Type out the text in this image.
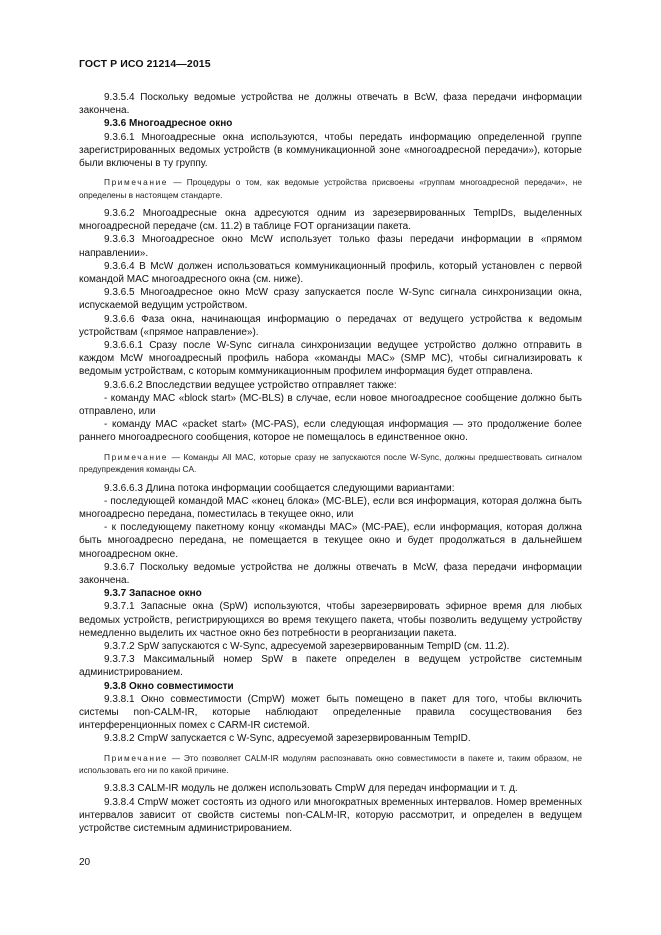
ГОСТ Р ИСО 21214—2015

9.3.5.4 Поскольку ведомые устройства не должны отвечать в BcW, фаза передачи информации закончена.

9.3.6 Многоадресное окно

9.3.6.1 Многоадресные окна используются, чтобы передать информацию определенной группе зарегистрированных ведомых устройств (в коммуникационной зоне «многоадресной передачи»), которые были включены в ту группу.

Примечание — Процедуры о том, как ведомые устройства присвоены «группам многоадресной передачи», не определены в настоящем стандарте.

9.3.6.2 Многоадресные окна адресуются одним из зарезервированных TempIDs, выделенных многоадресной передаче (см. 11.2) в таблице FOT организации пакета.

9.3.6.3 Многоадресное окно McW использует только фазы передачи информации в «прямом направлении».

9.3.6.4 В McW должен использоваться коммуникационный профиль, который установлен с первой командой MAC многоадресного окна (см. ниже).

9.3.6.5 Многоадресное окно McW сразу запускается после W-Sync сигнала синхронизации окна, испускаемой ведущим устройством.

9.3.6.6 Фаза окна, начинающая информацию о передачах от ведущего устройства к ведомым устройствам («прямое направление»).

9.3.6.6.1 Сразу после W-Sync сигнала синхронизации ведущее устройство должно отправить в каждом McW многоадресный профиль набора «команды MAC» (SMP MC), чтобы сигнализировать к ведомым устройствам, с которым коммуникационным профилем информация будет отправлена.

9.3.6.6.2 Впоследствии ведущее устройство отправляет также:

- команду MAC «block start» (MC-BLS) в случае, если новое многоадресное сообщение должно быть отправлено, или

- команду MAC «packet start» (MC-PAS), если следующая информация — это продолжение более раннего многоадресного сообщения, которое не помещалось в единственное окно.

Примечание — Команды All MAC, которые сразу не запускаются после W-Sync, должны предшествовать сигналом предупреждения команды CA.

9.3.6.6.3 Длина потока информации сообщается следующими вариантами:

- последующей командой MAC «конец блока» (MC-BLE), если вся информация, которая должна быть многоадресно передана, поместилась в текущее окно, или

- к последующему пакетному концу «команды MAC» (MC-PAE), если информация, которая должна быть многоадресно передана, не помещается в текущее окно и будет продолжаться в дальнейшем многоадресном окне.

9.3.6.7 Поскольку ведомые устройства не должны отвечать в McW, фаза передачи информации закончена.

9.3.7 Запасное окно

9.3.7.1 Запасные окна (SpW) используются, чтобы зарезервировать эфирное время для любых ведомых устройств, регистрирующихся во время текущего пакета, чтобы позволить ведущему устройству немедленно выделить их частное окно без потребности в реорганизации пакета.

9.3.7.2 SpW запускаются с W-Sync, адресуемой зарезервированным TempID (см. 11.2).

9.3.7.3 Максимальный номер SpW в пакете определен в ведущем устройстве системным администрированием.

9.3.8 Окно совместимости

9.3.8.1 Окно совместимости (CmpW) может быть помещено в пакет для того, чтобы включить системы non-CALM-IR, которые наблюдают определенные правила сосуществования без интерференционных помех с CARM-IR системой.

9.3.8.2 CmpW запускается с W-Sync, адресуемой зарезервированным TempID.

Примечание — Это позволяет CALM-IR модулям распознавать окно совместимости в пакете и, таким образом, не использовать его ни по какой причине.

9.3.8.3 CALM-IR модуль не должен использовать CmpW для передач информации и т. д.

9.3.8.4 CmpW может состоять из одного или многократных временных интервалов. Номер временных интервалов зависит от свойств системы non-CALM-IR, которую рассмотрит, и определен в ведущем устройстве системным администрированием.

20
